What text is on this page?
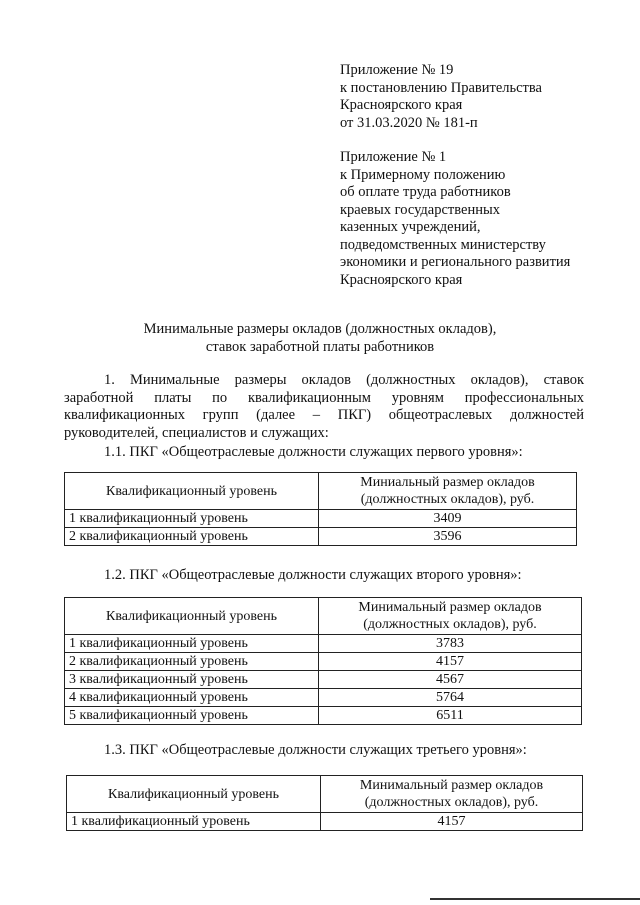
Приложение № 19
к постановлению Правительства
Красноярского края
от 31.03.2020 № 181-п
Приложение № 1
к Примерному положению
об оплате труда работников
краевых государственных
казенных учреждений,
подведомственных министерству
экономики и регионального развития
Красноярского края
Минимальные размеры окладов (должностных окладов),
ставок заработной платы работников
1. Минимальные размеры окладов (должностных окладов), ставок заработной платы по квалификационным уровням профессиональных квалификационных групп (далее – ПКГ) общеотраслевых должностей руководителей, специалистов и служащих:
1.1. ПКГ «Общеотраслевые должности служащих первого уровня»:
Квалификационный уровень	Миниальный размер окладов
(должностных окладов), руб.

1 квалификационный уровень	3409
2 квалификационный уровень	3596
1.2. ПКГ «Общеотраслевые должности служащих второго уровня»:
Квалификационный уровень	Минимальный размер окладов
(должностных окладов), руб.

1 квалификационный уровень	3783
2 квалификационный уровень	4157
3 квалификационный уровень	4567
4 квалификационный уровень	5764
5 квалификационный уровень	6511
1.3. ПКГ «Общеотраслевые должности служащих третьего уровня»:
Квалификационный уровень	Минимальный размер окладов
(должностных окладов), руб.

1 квалификационный уровень	4157
